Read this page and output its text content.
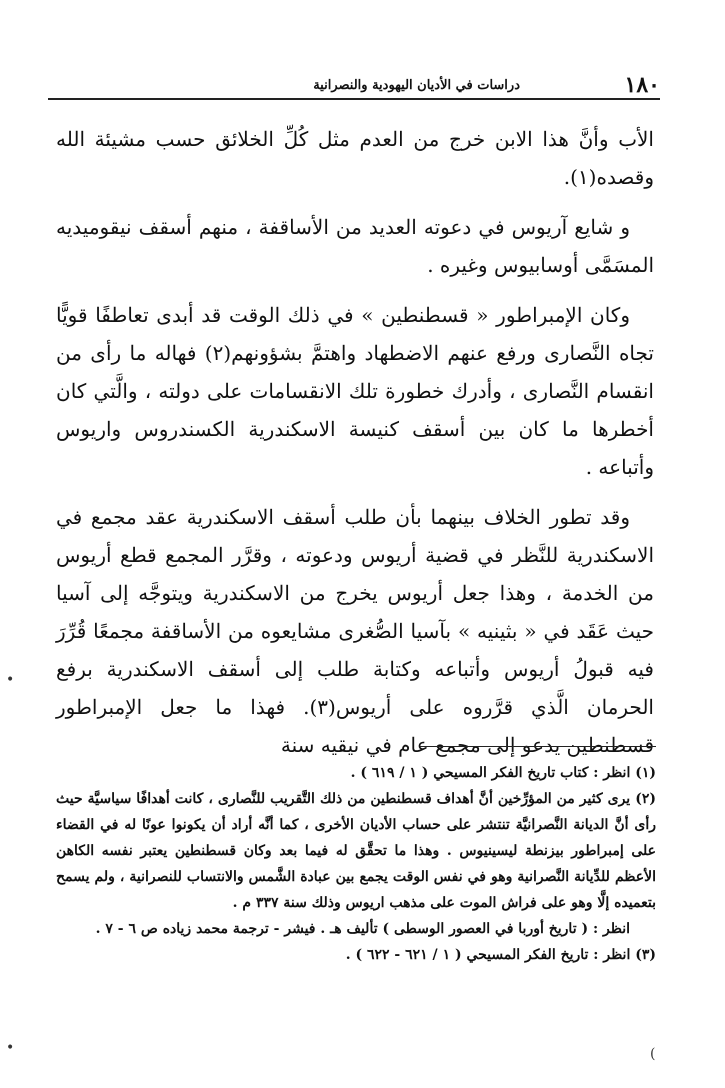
١٨٠
دراسات في الأديان اليهودية والنصرانية

الأب وأنَّ هذا الابن خرج من العدم مثل كُلِّ الخلائق حسب مشيئة الله وقصده(١).

و شايع آريوس في دعوته العديد من الأساقفة ، منهم أسقف نيقوميديه المسَمَّى أوسابيوس وغيره .

وكان الإمبراطور « قسطنطين » في ذلك الوقت قد أبدى تعاطفًا قويًّا تجاه النَّصارى ورفع عنهم الاضطهاد واهتمَّ بشؤونهم(٢) فهاله ما رأى من انقسام النَّصارى ، وأدرك خطورة تلك الانقسامات على دولته ، والَّتي كان أخطرها ما كان بين أسقف كنيسة الاسكندرية الكسندروس واريوس وأتباعه .

وقد تطور الخلاف بينهما بأن طلب أسقف الاسكندرية عقد مجمع في الاسكندرية للنَّظر في قضية أريوس ودعوته ، وقرَّر المجمع قطع أريوس من الخدمة ، وهذا جعل أريوس يخرج من الاسكندرية ويتوجَّه إلى آسيا حيث عَقَد في « بثينيه » بآسيا الصُّغرى مشايعوه من الأساقفة مجمعًا قُرِّرَ فيه قبولُ أريوس وأتباعه وكتابة طلب إلى أسقف الاسكندرية برفع الحرمان الَّذي قرَّروه على أريوس(٣). فهذا ما جعل الإمبراطور قسطنطين يدعو إلى مجمع عام في نيقيه سنة

(١) انظر : كتاب تاريخ الفكر المسيحي ( ١ / ٦١٩ ) .

(٢) يرى كثير من المؤرِّخين أنَّ أهداف قسطنطين من ذلك التَّقريب للنَّصارى ، كانت أهدافًا سياسيَّة حيث رأى أنَّ الديانة النَّصرانيَّة تنتشر على حساب الأديان الأخرى ، كما أنَّه أراد أن يكونوا عونًا له في القضاء على إمبراطور بيزنطة ليسينيوس . وهذا ما تحقَّق له فيما بعد وكان قسطنطين يعتبر نفسه الكاهن الأعظم للدِّيانة النَّصرانية وهو في نفس الوقت يجمع بين عبادة الشَّمس والانتساب للنصرانية ، ولم يسمح بتعميده إلَّا وهو على فراش الموت على مذهب اريوس وذلك سنة ٣٣٧ م .

انظر : ( تاريخ أوربا في العصور الوسطى ) تأليف هـ . فيشر - ترجمة محمد زياده ص ٦ - ٧ .

(٣) انظر : تاريخ الفكر المسيحي ( ١ / ٦٢١ - ٦٢٢ ) .

•
•	(
